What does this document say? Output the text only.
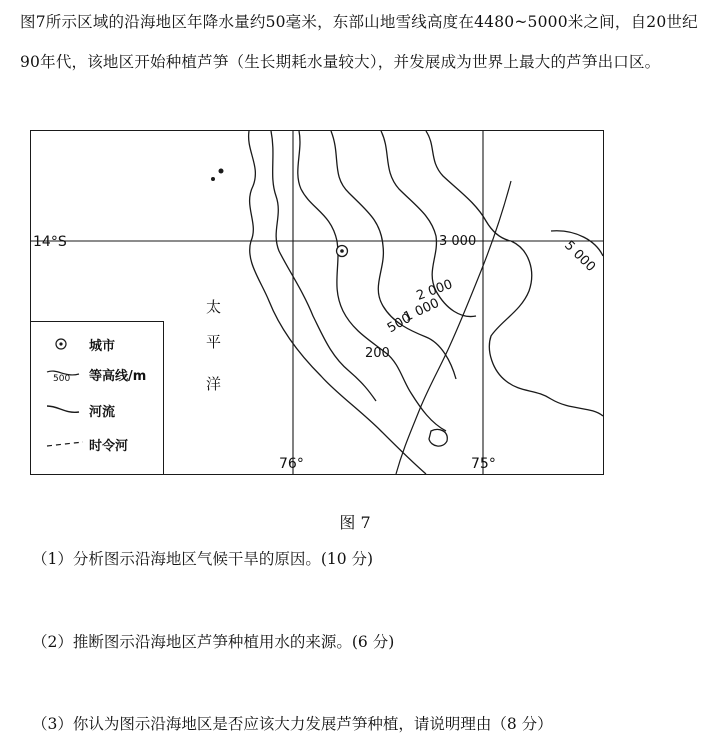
图7所示区域的沿海地区年降水量约50毫米，东部山地雪线高度在4480~5000米之间，自20世纪90年代，该地区开始种植芦笋（生长期耗水量较大），并发展成为世界上最大的芦笋出口区。
14°S
76°	75°
太
平
洋
3 000
2 000
1 000
500
200
5 000
城市
500 等高线/m
河流
时令河
图 7
（1）分析图示沿海地区气候干旱的原因。(10 分)
（2）推断图示沿海地区芦笋种植用水的来源。(6 分)
（3）你认为图示沿海地区是否应该大力发展芦笋种植，请说明理由（8 分）
